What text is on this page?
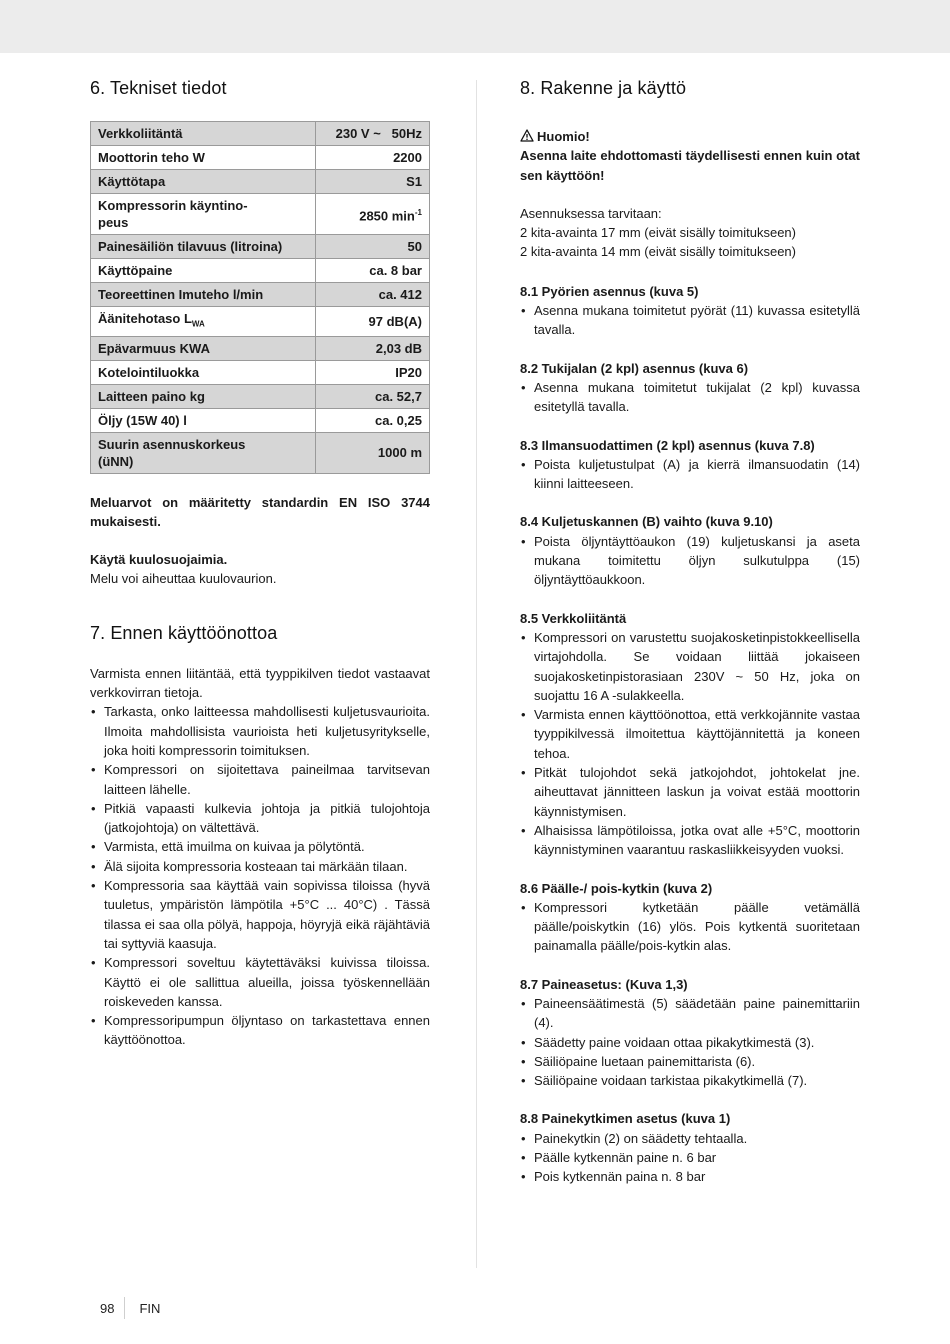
6. Tekniset tiedot
Verkkoliitäntä	230 V ~   50Hz
Moottorin teho W	2200
Käyttötapa	S1
Kompressorin käyntino-
peus	2850 $\min^{-1}$
Painesäiliön tilavuus (litroina)	50
Käyttöpaine	ca. 8 bar
Teoreettinen Imuteho l/min	ca. 412
Äänitehotaso $L_{WA}$	97 dB(A)
Epävarmuus KWA	2,03 dB
Kotelointiluokka	IP20
Laitteen paino kg	ca. 52,7
Öljy (15W 40) l	ca. 0,25
Suurin asennuskorkeus
(üNN)	1000 m

Meluarvot on määritetty standardin EN ISO 3744 mukaisesti.

Käytä kuulosuojaimia.

Melu voi aiheuttaa kuulovaurion.

7. Ennen käyttöönottoa

Varmista ennen liitäntää, että tyyppikilven tiedot vastaavat verkkovirran tietoja.

• Tarkasta, onko laitteessa mahdollisesti kuljetusvaurioita. Ilmoita mahdollisista vaurioista heti kuljetusyritykselle, joka hoiti kompressorin toimituksen.
• Kompressori on sijoitettava paineilmaa tarvitsevan laitteen lähelle.
• Pitkiä vapaasti kulkevia johtoja ja pitkiä tulojohtoja (jatkojohtoja) on vältettävä.
• Varmista, että imuilma on kuivaa ja pölytöntä.
• Älä sijoita kompressoria kosteaan tai märkään tilaan.
• Kompressoria saa käyttää vain sopivissa tiloissa (hyvä tuuletus, ympäristön lämpötila +5°C ... 40°C) . Tässä tilassa ei saa olla pölyä, happoja, höyryjä eikä räjähtäviä tai syttyviä kaasuja.
• Kompressori soveltuu käytettäväksi kuivissa tiloissa. Käyttö ei ole sallittua alueilla, joissa työskennellään roiskeveden kanssa.
• Kompressoripumpun öljyntaso on tarkastettava ennen käyttöönottoa.
8. Rakenne ja käyttö

Huomio!

Asenna laite ehdottomasti täydellisesti ennen kuin otat sen käyttöön!

Asennuksessa tarvitaan:

2 kita-avainta 17 mm (eivät sisälly toimitukseen)

2 kita-avainta 14 mm (eivät sisälly toimitukseen)

8.1 Pyörien asennus (kuva 5)
• Asenna mukana toimitetut pyörät (11) kuvassa esitetyllä tavalla.
8.2 Tukijalan (2 kpl) asennus (kuva 6)
• Asenna mukana toimitetut tukijalat (2 kpl) kuvassa esitetyllä tavalla.
8.3 Ilmansuodattimen (2 kpl) asennus (kuva 7.8)
• Poista kuljetustulpat (A) ja kierrä ilmansuodatin (14) kiinni laitteeseen.
8.4 Kuljetuskannen (B) vaihto (kuva 9.10)
• Poista öljyntäyttöaukon (19) kuljetuskansi ja aseta mukana toimitettu öljyn sulkutulppa (15) öljyntäyttöaukkoon.
8.5 Verkkoliitäntä
• Kompressori on varustettu suojakosketinpistokkeellisella virtajohdolla. Se voidaan liittää jokaiseen suojakosketinpistorasiaan 230V ~ 50 Hz, joka on suojattu 16 A -sulakkeella.
• Varmista ennen käyttöönottoa, että verkkojännite vastaa tyyppikilvessä ilmoitettua käyttöjännitettä ja koneen tehoa.
• Pitkät tulojohdot sekä jatkojohdot, johtokelat jne. aiheuttavat jännitteen laskun ja voivat estää moottorin käynnistymisen.
• Alhaisissa lämpötiloissa, jotka ovat alle +5°C, moottorin käynnistyminen vaarantuu raskasliikkeisyyden vuoksi.
8.6 Päälle-/ pois-kytkin (kuva 2)
• Kompressori kytketään päälle vetämällä päälle/poiskytkin (16) ylös. Pois kytkentä suoritetaan painamalla päälle/pois-kytkin alas.
8.7 Paineasetus: (Kuva 1,3)
• Paineensäätimestä (5) säädetään paine painemittariin (4).
• Säädetty paine voidaan ottaa pikakytkimestä (3).
• Säiliöpaine luetaan painemittarista (6).
• Säiliöpaine voidaan tarkistaa pikakytkimellä (7).
8.8 Painekytkimen asetus (kuva 1)
• Painekytkin (2) on säädetty tehtaalla.
• Päälle kytkennän paine n. 6 bar
• Pois kytkennän paina n. 8 bar
98 FIN
